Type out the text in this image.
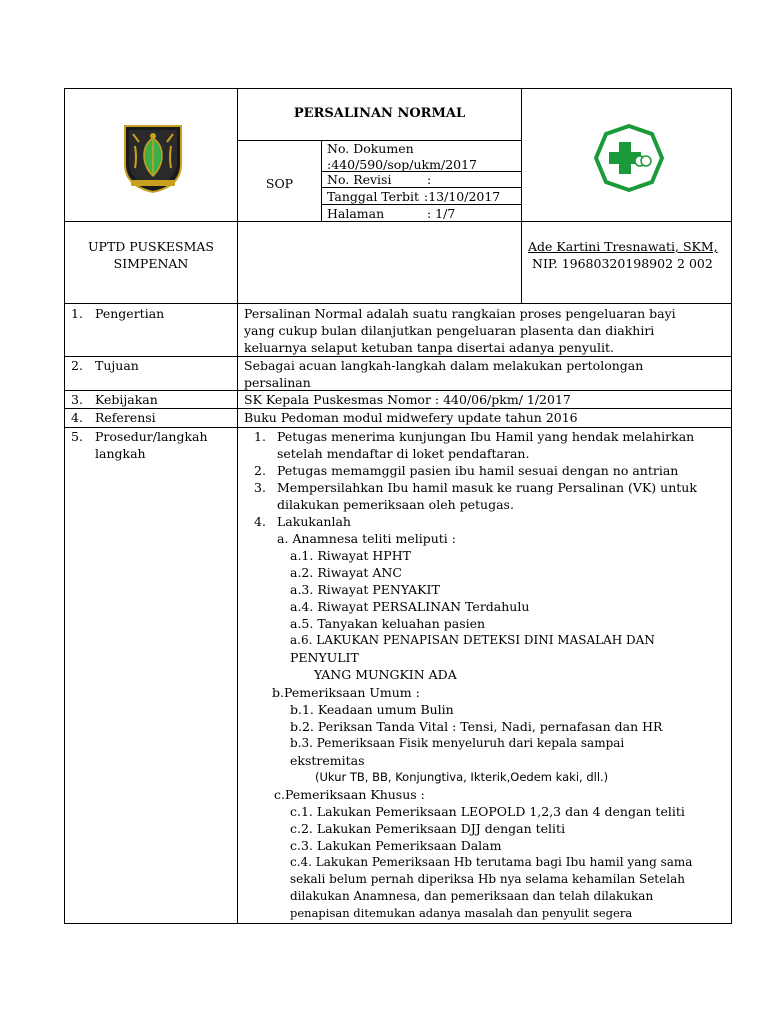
PERSALINAN NORMAL
SOP
No. Dokumen
:440/590/sop/ukm/2017
No. Revisi	:
Tanggal Terbit :13/10/2017
Halaman	: 1/7
UPTD PUSKESMAS
SIMPENAN
Ade Kartini Tresnawati, SKM,
NIP. 19680320198902 2 002
1. Pengertian
2. Tujuan
3. Kebijakan
4. Referensi
5. Prosedur/langkah
langkah
Persalinan Normal adalah suatu rangkaian proses pengeluaran bayi
yang cukup bulan dilanjutkan pengeluaran plasenta dan diakhiri
keluarnya selaput ketuban tanpa disertai adanya penyulit.
Sebagai acuan langkah-langkah dalam melakukan pertolongan
persalinan
SK Kepala Puskesmas Nomor : 440/06/pkm/ 1/2017
Buku Pedoman modul midwefery update tahun 2016
1. Petugas menerima kunjungan Ibu Hamil yang hendak melahirkan
setelah mendaftar di loket pendaftaran.
2. Petugas memamggil pasien ibu hamil sesuai dengan no antrian
3. Mempersilahkan Ibu hamil masuk ke ruang Persalinan (VK) untuk
dilakukan pemeriksaan oleh petugas.
4. Lakukanlah
a. Anamnesa teliti meliputi :
a.1. Riwayat HPHT
a.2. Riwayat ANC
a.3. Riwayat PENYAKIT
a.4. Riwayat PERSALINAN Terdahulu
a.5. Tanyakan keluahan pasien
a.6. LAKUKAN PENAPISAN DETEKSI DINI MASALAH DAN
PENYULIT
YANG MUNGKIN ADA
b.Pemeriksaan Umum :
b.1. Keadaan umum Bulin
b.2. Periksan Tanda Vital : Tensi, Nadi, pernafasan dan HR
b.3. Pemeriksaan Fisik menyeluruh dari kepala sampai
ekstremitas
(Ukur TB, BB, Konjungtiva, Ikterik,Oedem kaki, dll.)
c.Pemeriksaan Khusus :
c.1. Lakukan Pemeriksaan LEOPOLD 1,2,3 dan 4 dengan teliti
c.2. Lakukan Pemeriksaan DJJ dengan teliti
c.3. Lakukan Pemeriksaan Dalam
c.4. Lakukan Pemeriksaan Hb terutama bagi Ibu hamil yang sama
sekali belum pernah diperiksa Hb nya selama kehamilan Setelah
dilakukan Anamnesa, dan pemeriksaan dan telah dilakukan
penapisan ditemukan adanya masalah dan penyulit segera
